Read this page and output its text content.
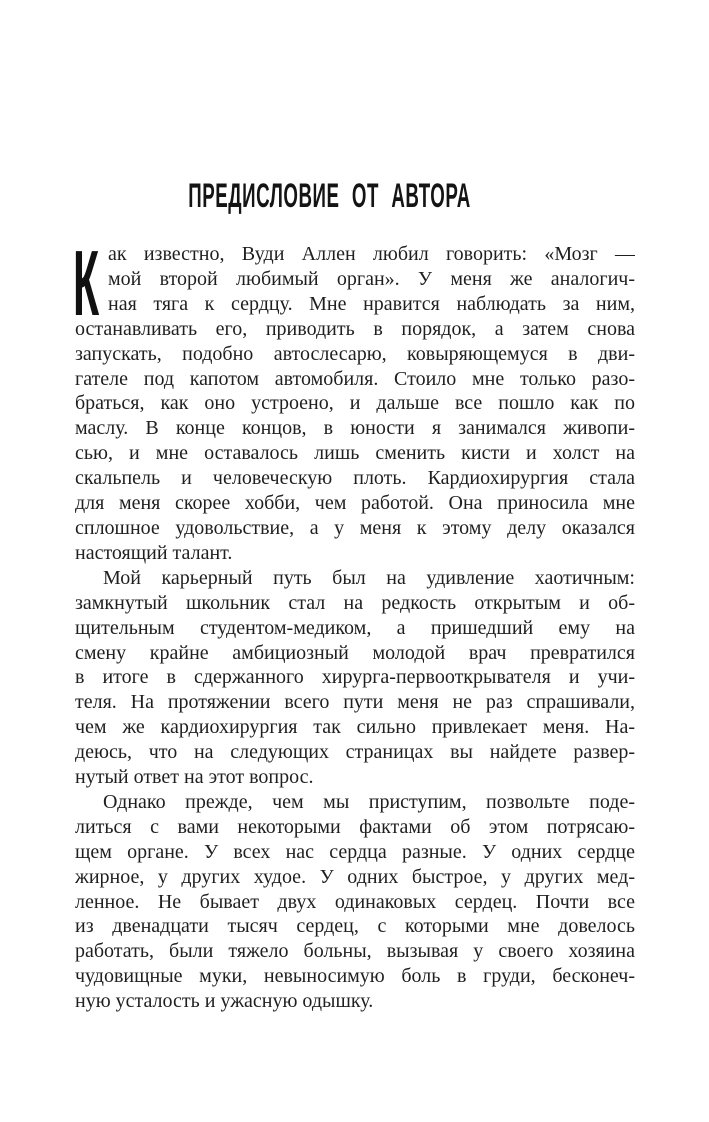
ПРЕДИСЛОВИЕ ОТ АВТОРА
К ак известно, Вуди Аллен любил говорить: «Мозг —
мой второй любимый орган». У меня же аналогич-
ная тяга к сердцу. Мне нравится наблюдать за ним,
останавливать его, приводить в порядок, а затем снова
запускать, подобно автослесарю, ковыряющемуся в дви-
гателе под капотом автомобиля. Стоило мне только разо-
браться, как оно устроено, и дальше все пошло как по
маслу. В конце концов, в юности я занимался живопи-
сью, и мне оставалось лишь сменить кисти и холст на
скальпель и человеческую плоть. Кардиохирургия стала
для меня скорее хобби, чем работой. Она приносила мне
сплошное удовольствие, а у меня к этому делу оказался
настоящий талант.
Мой карьерный путь был на удивление хаотичным:
замкнутый школьник стал на редкость открытым и об-
щительным студентом-медиком, а пришедший ему на
смену крайне амбициозный молодой врач превратился
в итоге в сдержанного хирурга-первооткрывателя и учи-
теля. На протяжении всего пути меня не раз спрашивали,
чем же кардиохирургия так сильно привлекает меня. На-
деюсь, что на следующих страницах вы найдете развер-
нутый ответ на этот вопрос.
Однако прежде, чем мы приступим, позвольте поде-
литься с вами некоторыми фактами об этом потрясаю-
щем органе. У всех нас сердца разные. У одних сердце
жирное, у других худое. У одних быстрое, у других мед-
ленное. Не бывает двух одинаковых сердец. Почти все
из двенадцати тысяч сердец, с которыми мне довелось
работать, были тяжело больны, вызывая у своего хозяина
чудовищные муки, невыносимую боль в груди, бесконеч-
ную усталость и ужасную одышку.
